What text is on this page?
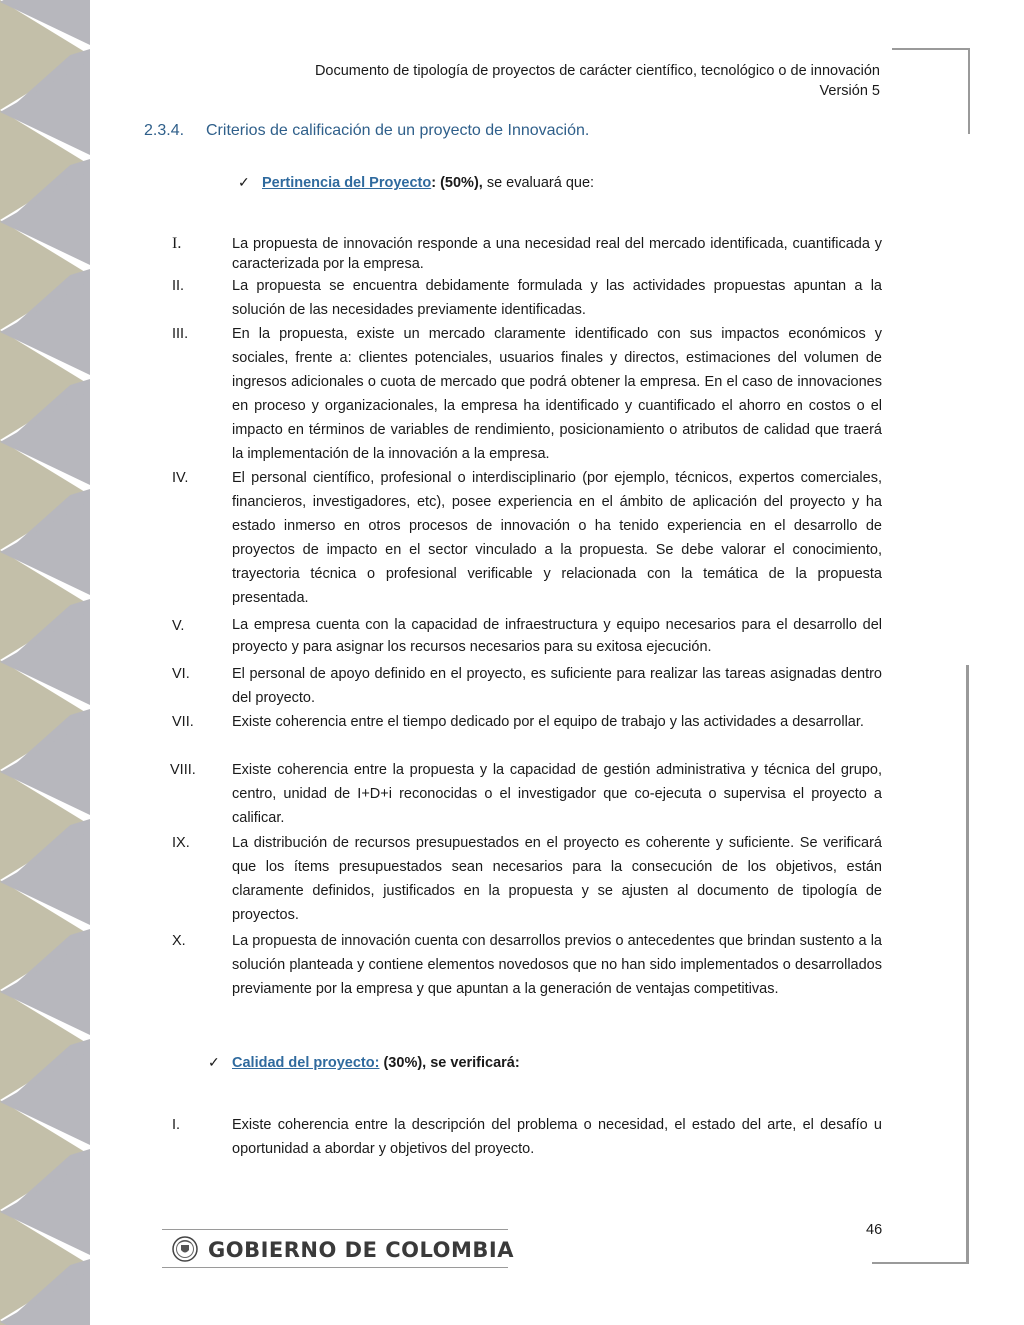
Documento de tipología de proyectos de carácter científico, tecnológico o de innovación
Versión 5
2.3.4. Criterios de calificación de un proyecto de Innovación.
✓ Pertinencia del Proyecto: (50%), se evaluará que:
I.	La propuesta de innovación responde a una necesidad real del mercado identificada, cuantificada y caracterizada por la empresa.
II.	La propuesta se encuentra debidamente formulada y las actividades propuestas apuntan a la solución de las necesidades previamente identificadas.
III.	En la propuesta, existe un mercado claramente identificado con sus impactos económicos y sociales, frente a: clientes potenciales, usuarios finales y directos, estimaciones del volumen de ingresos adicionales o cuota de mercado que podrá obtener la empresa. En el caso de innovaciones en proceso y organizacionales, la empresa ha identificado y cuantificado el ahorro en costos o el impacto en términos de variables de rendimiento, posicionamiento o atributos de calidad que traerá la implementación de la innovación a la empresa.
IV.	El personal científico, profesional o interdisciplinario (por ejemplo, técnicos, expertos comerciales, financieros, investigadores, etc), posee experiencia en el ámbito de aplicación del proyecto y ha estado inmerso en otros procesos de innovación o ha tenido experiencia en el desarrollo de proyectos de impacto en el sector vinculado a la propuesta. Se debe valorar el conocimiento, trayectoria técnica o profesional verificable y relacionada con la temática de la propuesta presentada.
V.	La empresa cuenta con la capacidad de infraestructura y equipo necesarios para el desarrollo del proyecto y para asignar los recursos necesarios para su exitosa ejecución.
VI.	El personal de apoyo definido en el proyecto, es suficiente para realizar las tareas asignadas dentro del proyecto.
VII.	Existe coherencia entre el tiempo dedicado por el equipo de trabajo y las actividades a desarrollar.
VIII. Existe coherencia entre la propuesta y la capacidad de gestión administrativa y técnica del grupo, centro, unidad de I+D+i reconocidas o el investigador que co-ejecuta o supervisa el proyecto a calificar.
IX.	La distribución de recursos presupuestados en el proyecto es coherente y suficiente. Se verificará que los ítems presupuestados sean necesarios para la consecución de los objetivos, están claramente definidos, justificados en la propuesta y se ajusten al documento de tipología de proyectos.
X.	La propuesta de innovación cuenta con desarrollos previos o antecedentes que brindan sustento a la solución planteada y contiene elementos novedosos que no han sido implementados o desarrollados previamente por la empresa y que apuntan a la generación de ventajas competitivas.
✓ Calidad del proyecto: (30%), se verificará:
I.	Existe coherencia entre la descripción del problema o necesidad, el estado del arte, el desafío u oportunidad a abordar y objetivos del proyecto.
46
GOBIERNO DE COLOMBIA
